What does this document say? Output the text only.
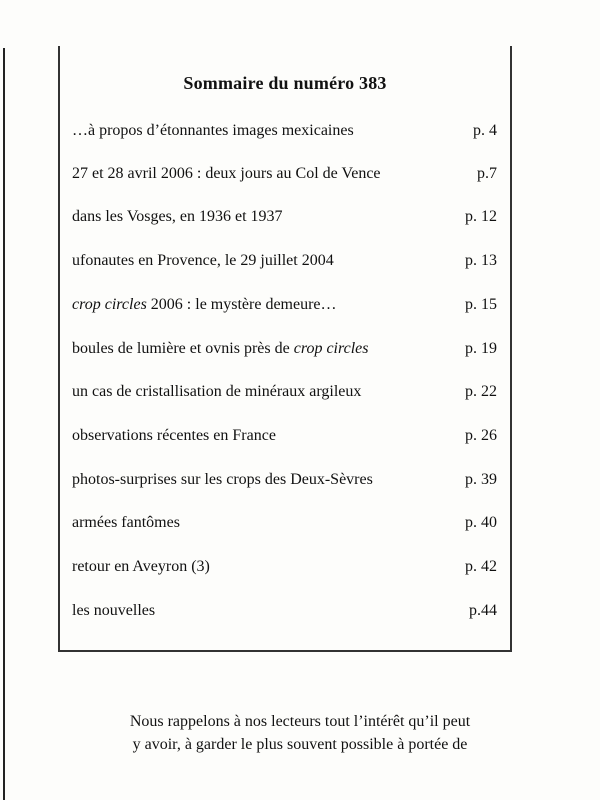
Sommaire du numéro 383
…à propos d’étonnantes images mexicaines	p. 4
27 et 28 avril 2006 : deux jours au Col de Vence	p.7
dans les Vosges, en 1936 et 1937	p. 12
ufonautes en Provence, le 29 juillet 2004	p. 13
crop circles 2006 : le mystère demeure…	p. 15
boules de lumière et ovnis près de crop circles	p. 19
un cas de cristallisation de minéraux argileux	p. 22
observations récentes en France	p. 26
photos-surprises sur les crops des Deux-Sèvres	p. 39
armées fantômes	p. 40
retour en Aveyron (3)	p. 42
les nouvelles	p.44
Nous rappelons à nos lecteurs tout l’intérêt qu’il peut
y avoir, à garder le plus souvent possible à portée de
